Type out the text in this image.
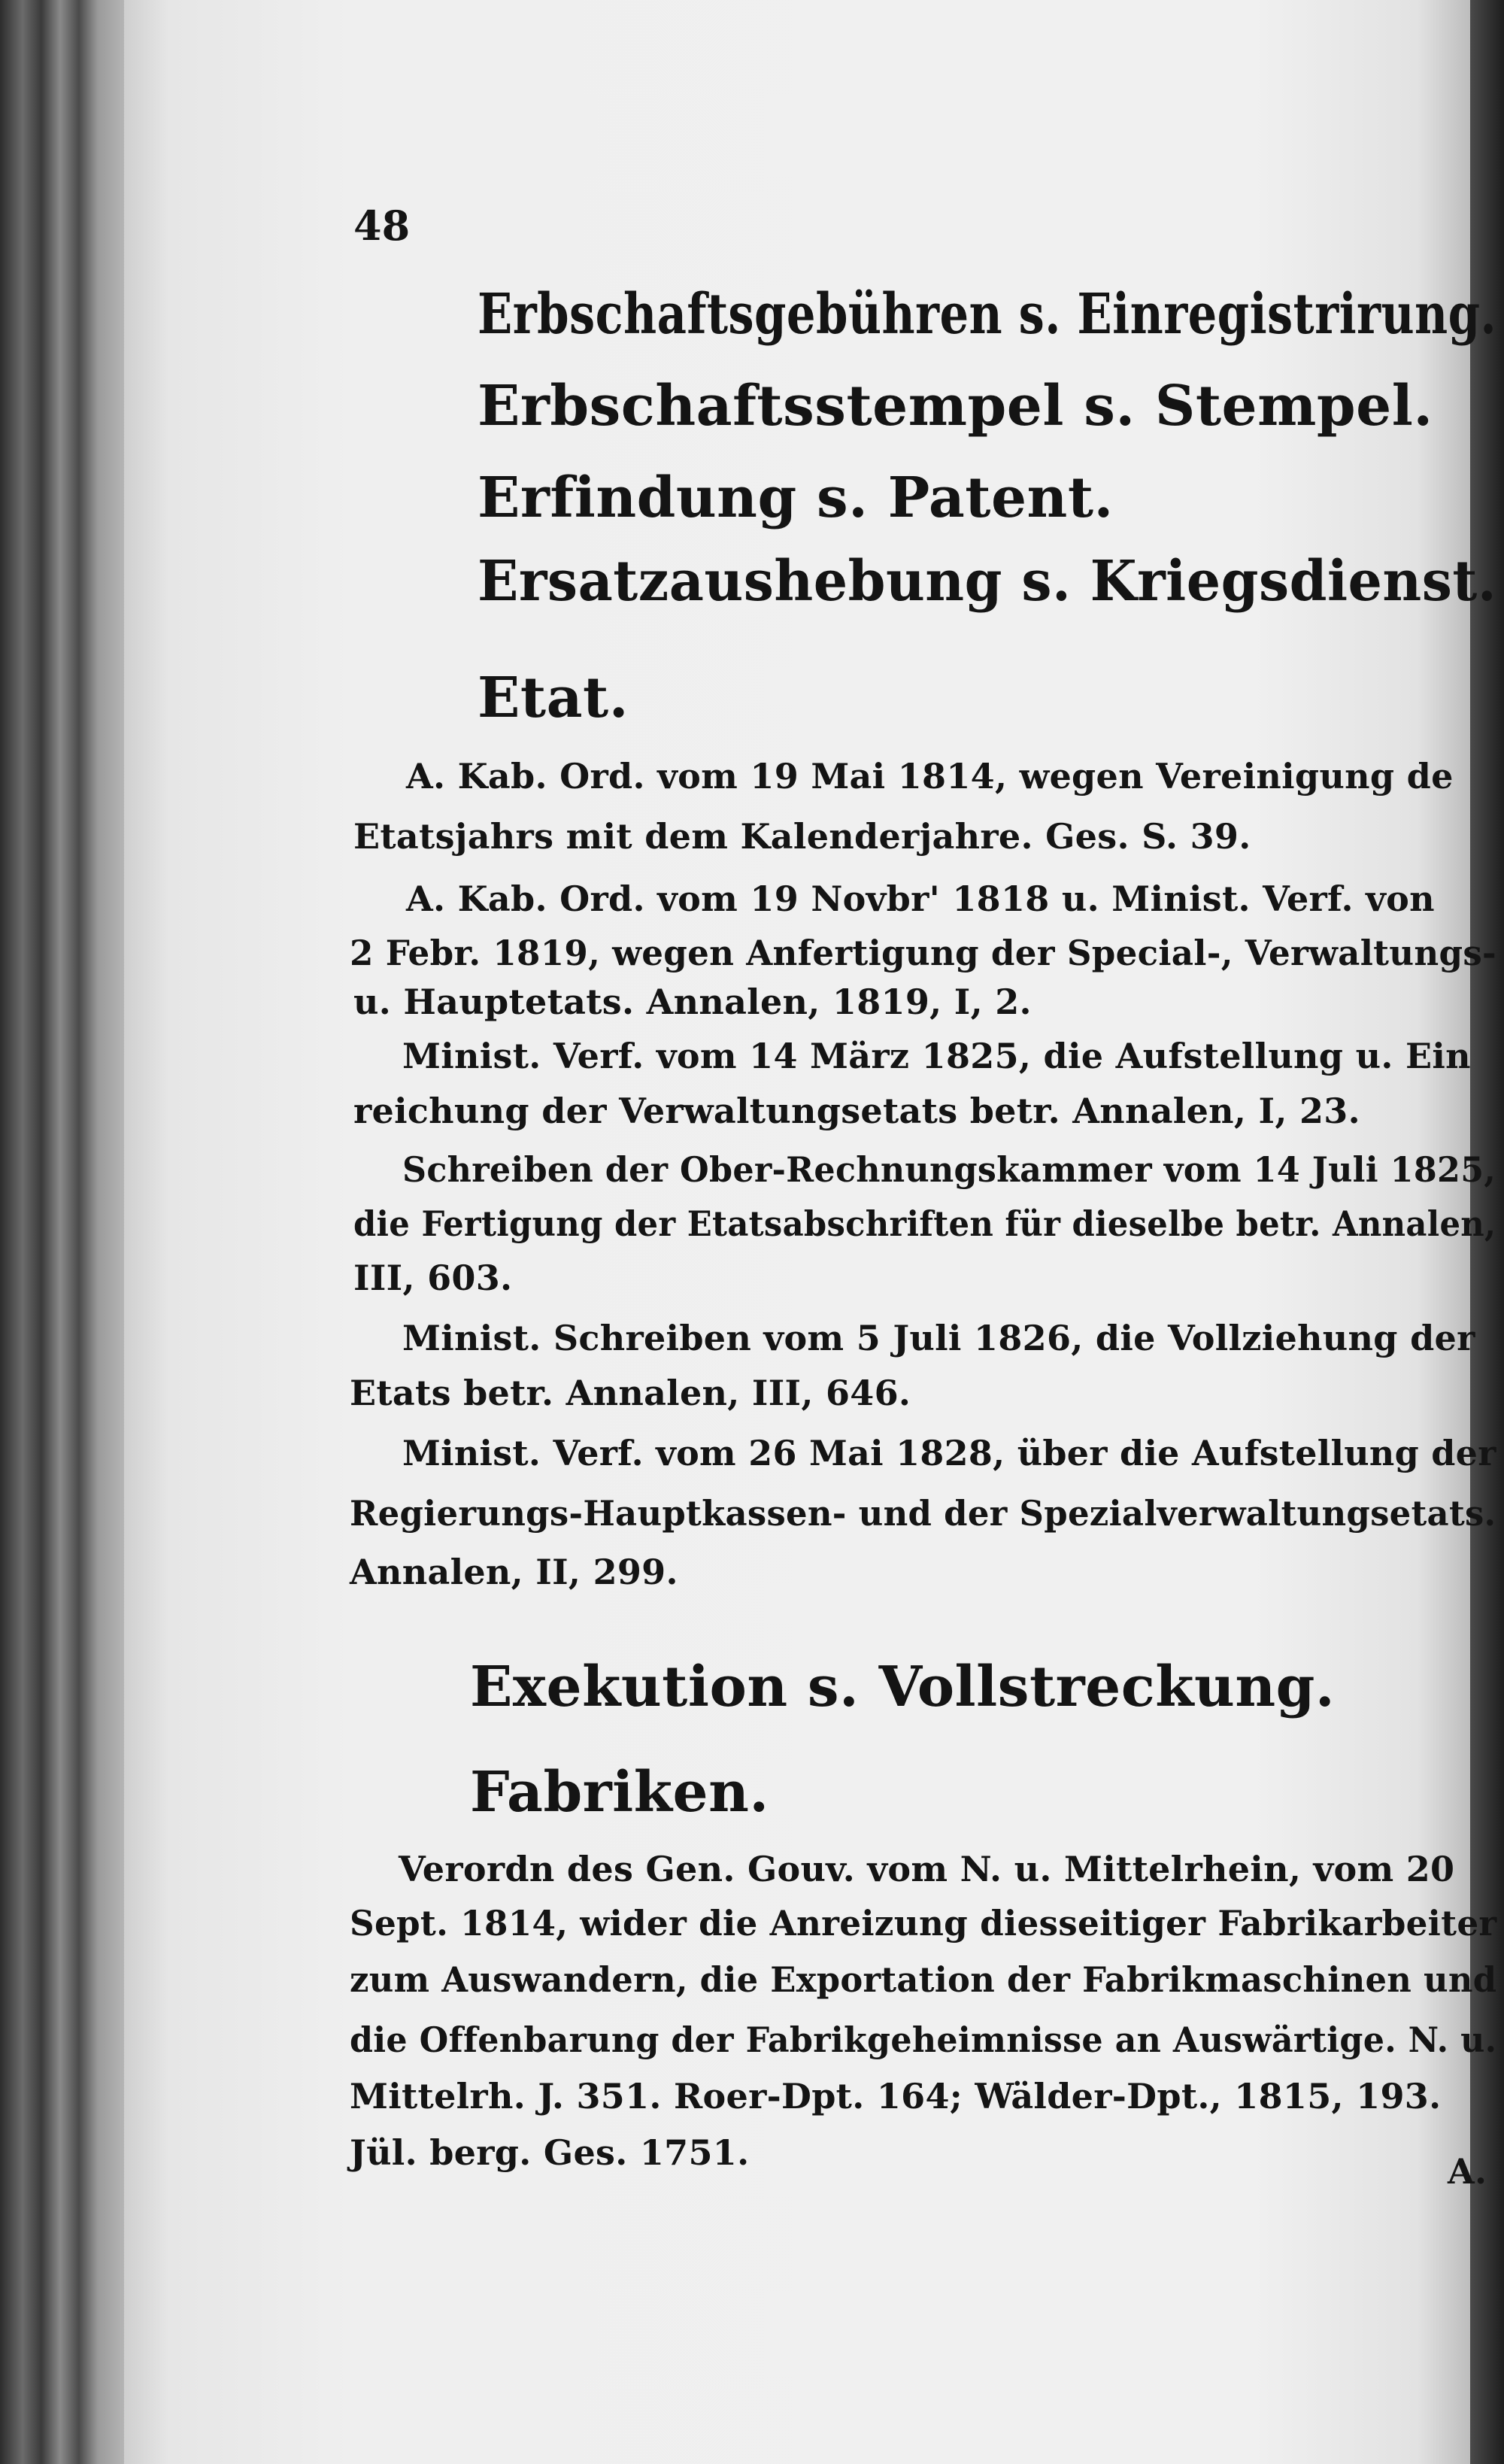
48
Erbschaftsgebühren s. Einregistrirung.
Erbschaftsstempel s. Stempel.
Erfindung s. Patent.
Ersatzaushebung s. Kriegsdienst.
Etat.
A. Kab. Ord. vom 19 Mai 1814, wegen Vereinigung de
Etatsjahrs mit dem Kalenderjahre. Ges. S. 39.
A. Kab. Ord. vom 19 Novbr' 1818 u. Minist. Verf. von
2 Febr. 1819, wegen Anfertigung der Special-, Verwaltungs-
u. Hauptetats. Annalen, 1819, I, 2.
Minist. Verf. vom 14 März 1825, die Aufstellung u. Ein
reichung der Verwaltungsetats betr. Annalen, I, 23.
Schreiben der Ober-Rechnungskammer vom 14 Juli 1825,
die Fertigung der Etatsabschriften für dieselbe betr. Annalen,
III, 603.
Minist. Schreiben vom 5 Juli 1826, die Vollziehung der
Etats betr. Annalen, III, 646.
Minist. Verf. vom 26 Mai 1828, über die Aufstellung der
Regierungs-Hauptkassen- und der Spezialverwaltungsetats.
Annalen, II, 299.
Exekution s. Vollstreckung.
Fabriken.
Verordn des Gen. Gouv. vom N. u. Mittelrhein, vom 20
Sept. 1814, wider die Anreizung diesseitiger Fabrikarbeiter
zum Auswandern, die Exportation der Fabrikmaschinen und
die Offenbarung der Fabrikgeheimnisse an Auswärtige. N. u.
Mittelrh. J. 351. Roer-Dpt. 164; Wälder-Dpt., 1815, 193.
Jül. berg. Ges. 1751.	A.
